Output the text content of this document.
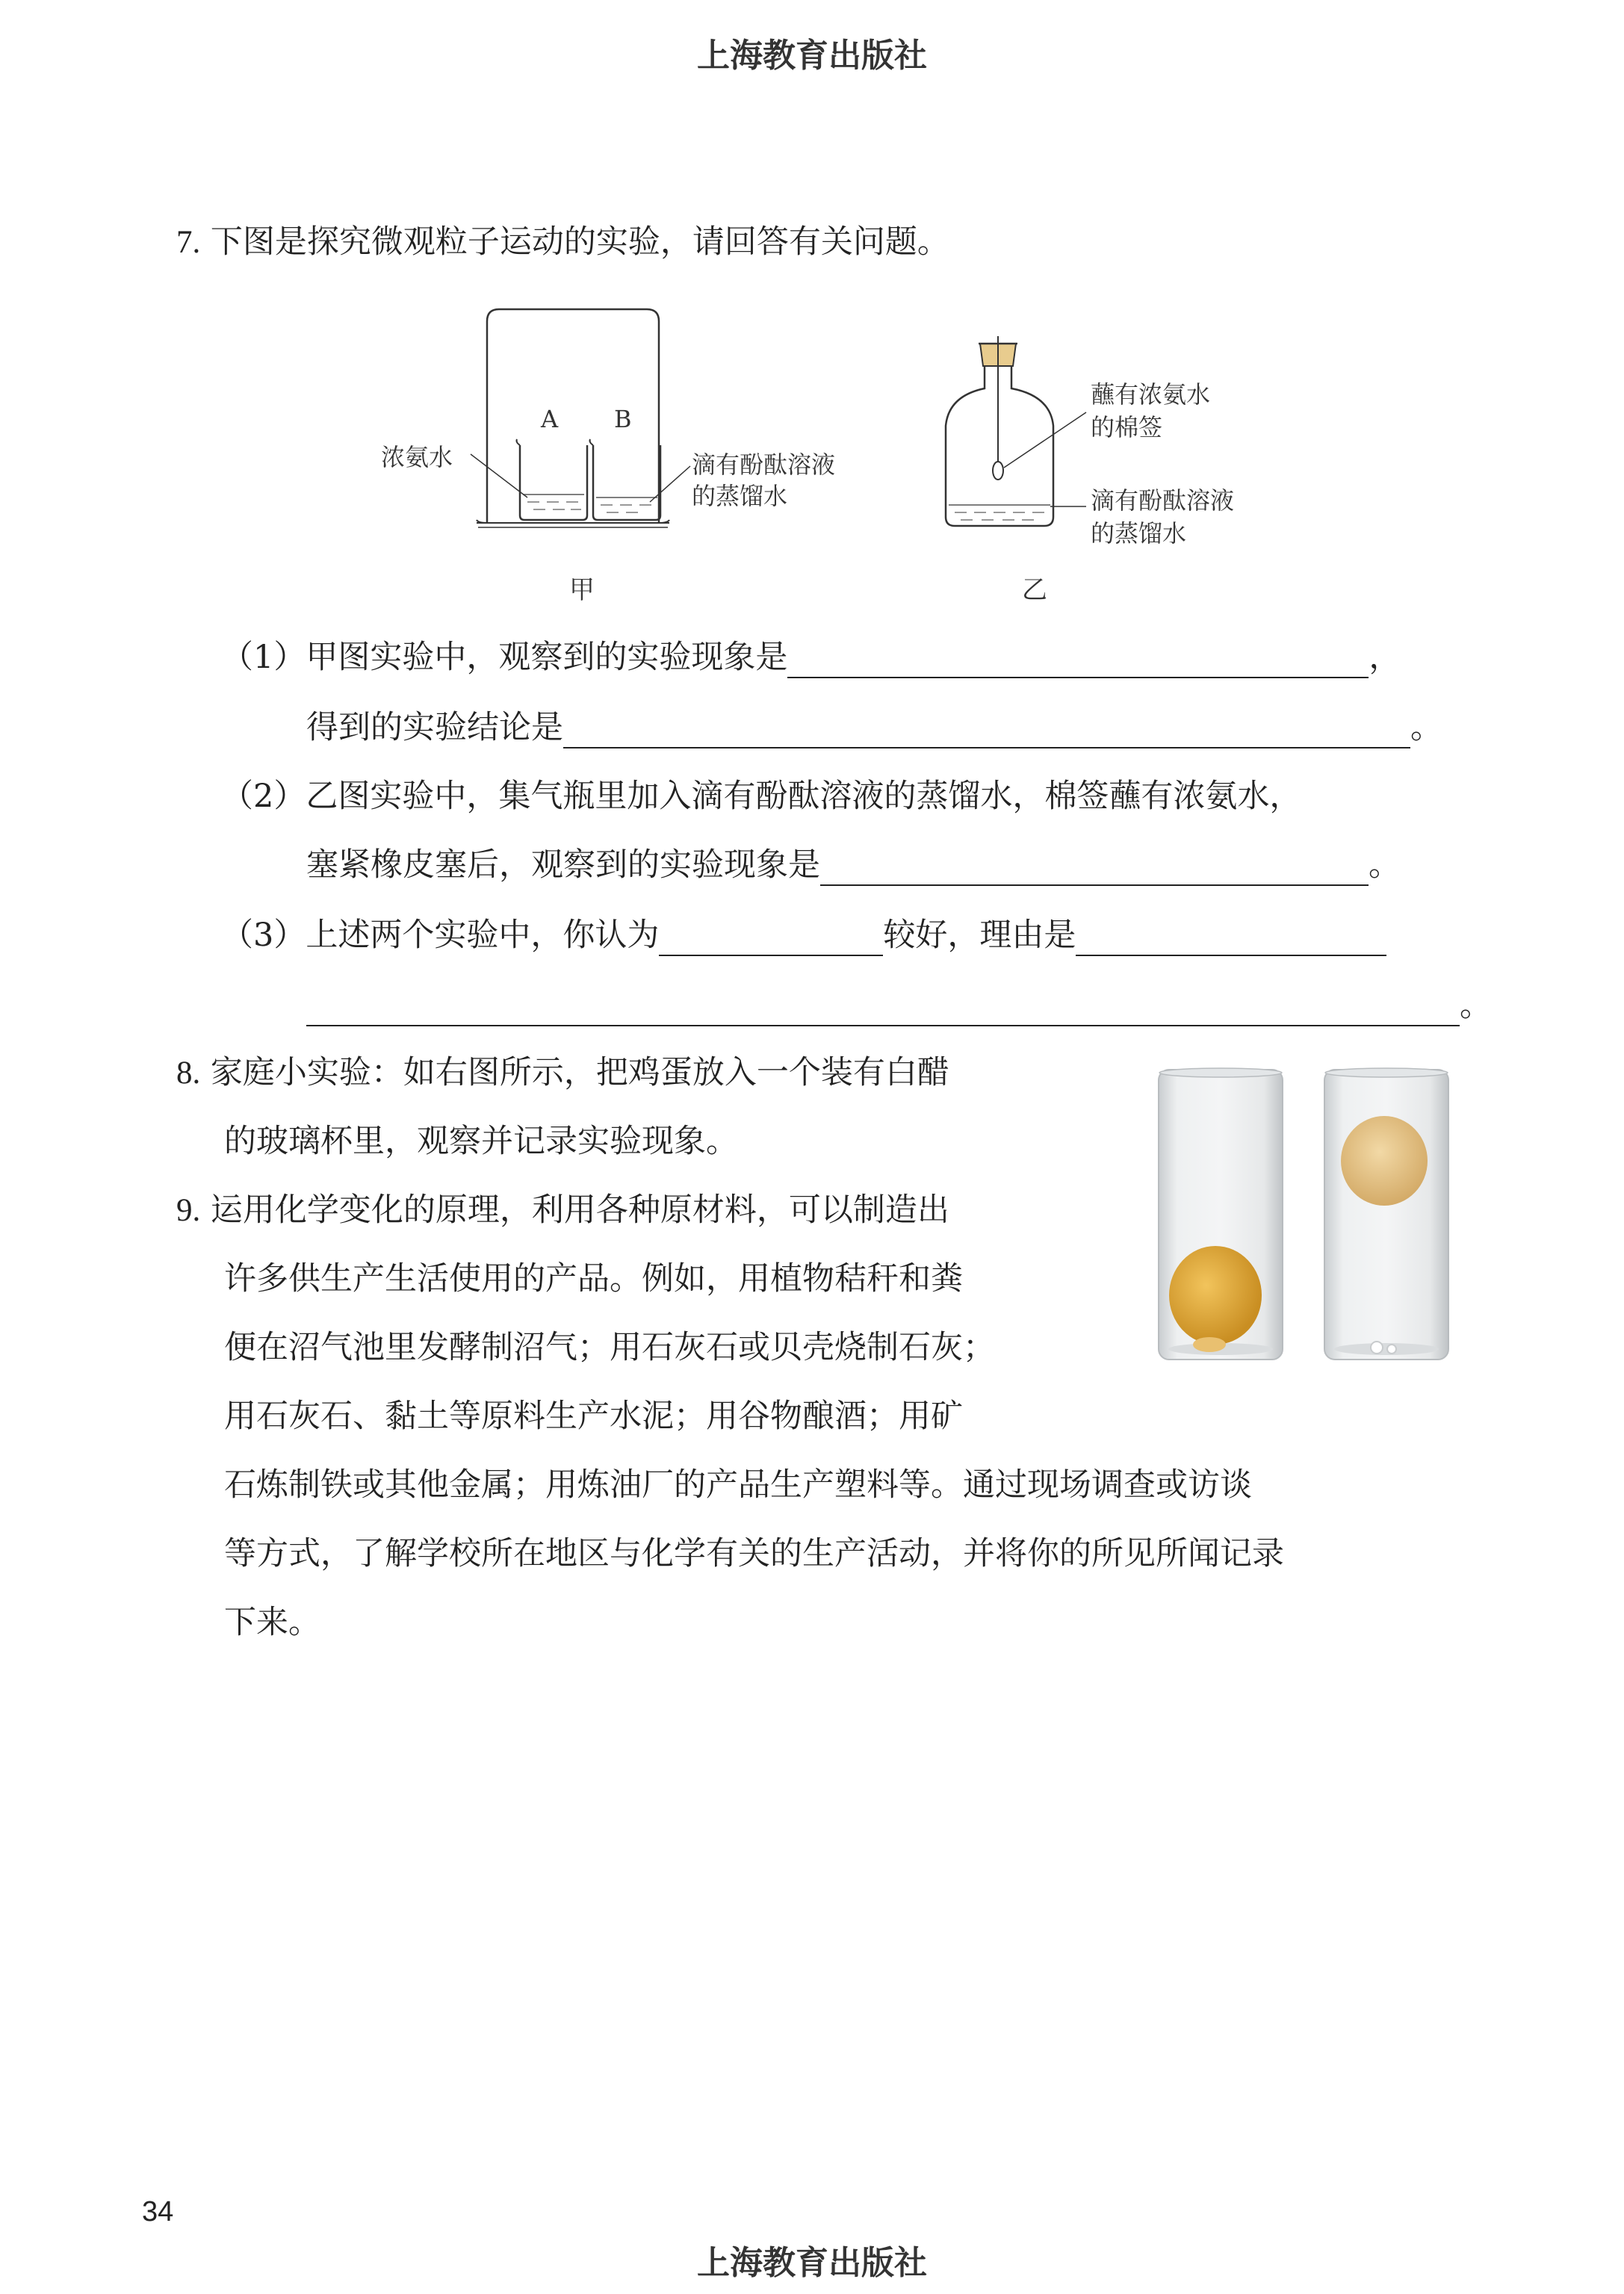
上海教育出版社
上海教育出版社
34
7. 下图是探究微观粒子运动的实验，请回答有关问题。
A B
浓氨水	滴有酚酞溶液
的蒸馏水
甲
蘸有浓氨水
的棉签
滴有酚酞溶液
的蒸馏水
乙
（1）甲图实验中，观察到的实验现象是	，
得到的实验结论是	。
（2）乙图实验中，集气瓶里加入滴有酚酞溶液的蒸馏水，棉签蘸有浓氨水，
塞紧橡皮塞后，观察到的实验现象是	。
（3）上述两个实验中，你认为	较好，理由是
。
8. 家庭小实验：如右图所示，把鸡蛋放入一个装有白醋
的玻璃杯里，观察并记录实验现象。
9. 运用化学变化的原理，利用各种原材料，可以制造出
许多供生产生活使用的产品。例如，用植物秸秆和粪
便在沼气池里发酵制沼气；用石灰石或贝壳烧制石灰；
用石灰石、黏土等原料生产水泥；用谷物酿酒；用矿
石炼制铁或其他金属；用炼油厂的产品生产塑料等。通过现场调查或访谈
等方式，了解学校所在地区与化学有关的生产活动，并将你的所见所闻记录
下来。
